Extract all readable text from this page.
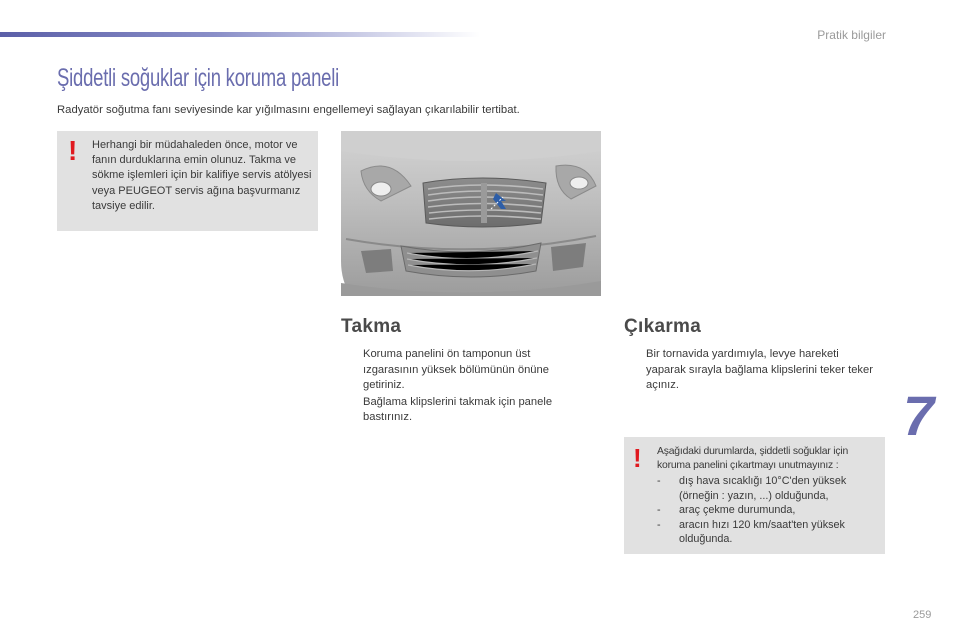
Pratik bilgiler
Şiddetli soğuklar için koruma paneli
Radyatör soğutma fanı seviyesinde kar yığılmasını engellemeyi sağlayan çıkarılabilir tertibat.
! Herhangi bir müdahaleden önce, motor ve fanın durduklarına emin olunuz. Takma ve sökme işlemleri için bir kalifiye servis atölyesi veya PEUGEOT servis ağına başvurmanız tavsiye edilir.
Takma
Koruma panelini ön tamponun üst ızgarasının yüksek bölümünün önüne getiriniz.
Bağlama klipslerini takmak için panele bastırınız.
Çıkarma
Bir tornavida yardımıyla, levye hareketi yaparak sırayla bağlama klipslerini teker teker açınız.
! Aşağıdaki durumlarda, şiddetli soğuklar için koruma panelini çıkartmayı unutmayınız :
- dış hava sıcaklığı 10°C'den yüksek (örneğin : yazın, ...) olduğunda,
- araç çekme durumunda,
- aracın hızı 120 km/saat'ten yüksek olduğunda.
7
259
